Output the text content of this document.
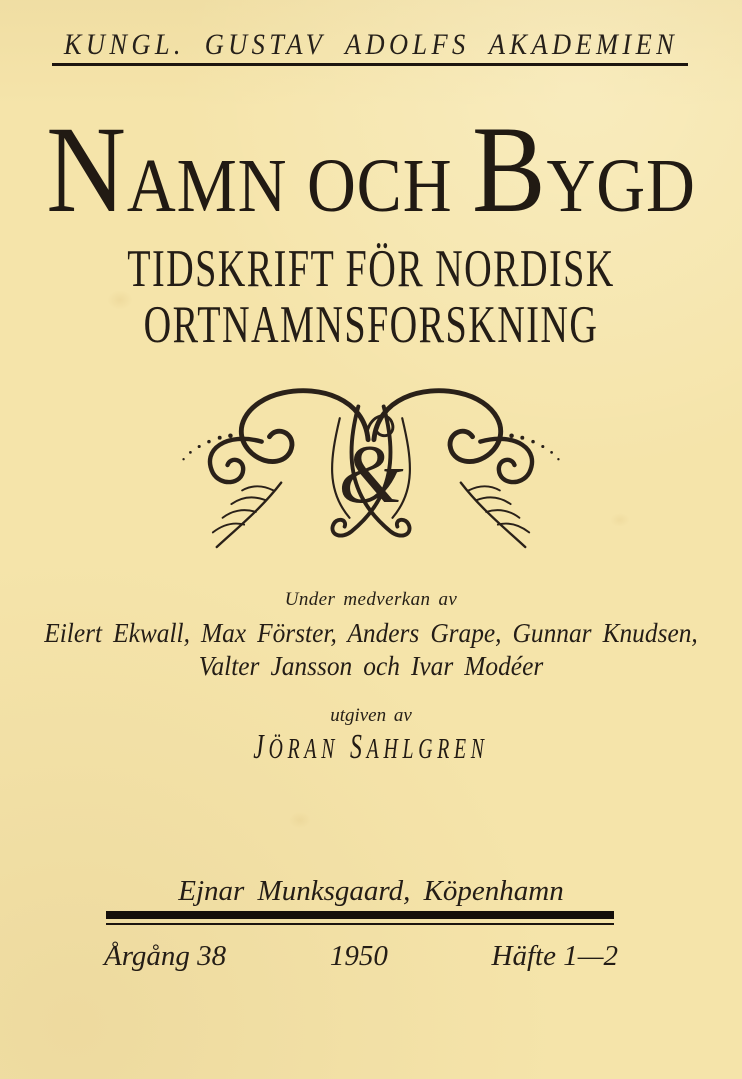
KUNGL. GUSTAV ADOLFS AKADEMIEN
NAMN OCH BYGD
TIDSKRIFT FÖR NORDISK
ORTNAMNSFORSKNING
&
Under medverkan av
Eilert Ekwall, Max Förster, Anders Grape, Gunnar Knudsen,
Valter Jansson och Ivar Modéer
utgiven av
JÖRAN SAHLGREN
Ejnar Munksgaard, Köpenhamn
Årgång 38	1950	Häfte 1—2
